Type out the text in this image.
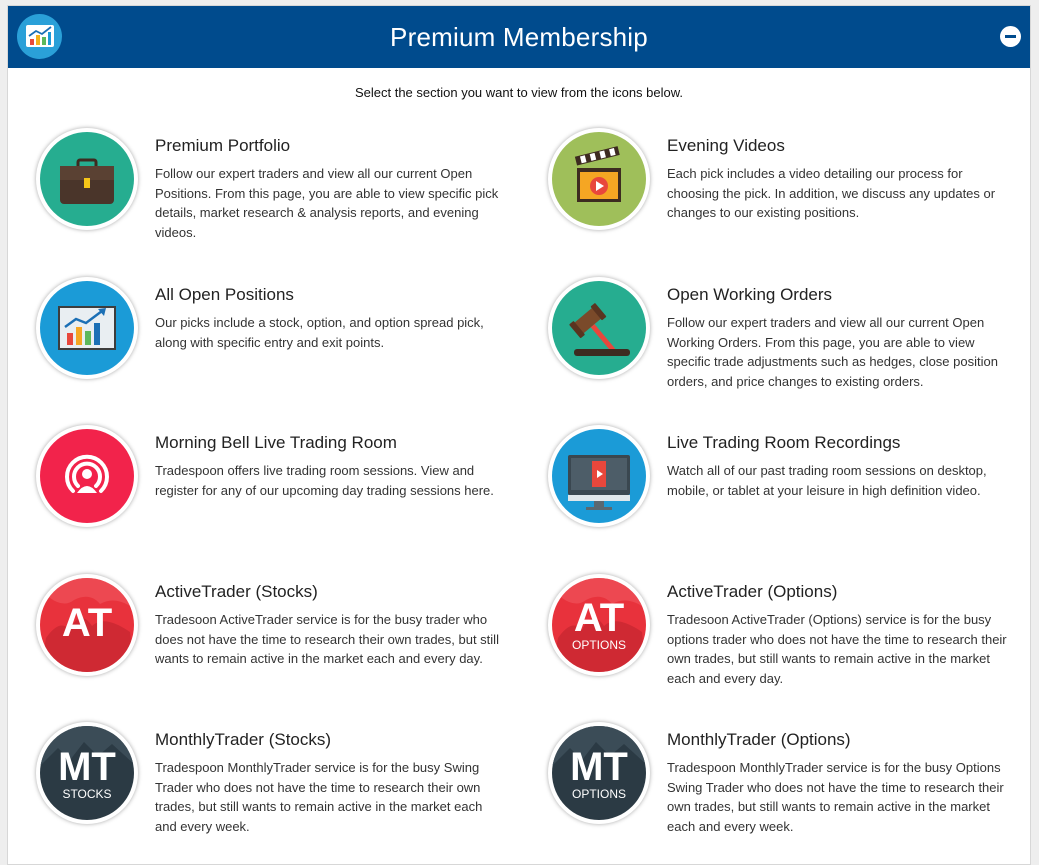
Premium Membership
Select the section you want to view from the icons below.
Premium Portfolio
Follow our expert traders and view all our current Open Positions. From this page, you are able to view specific pick details, market research & analysis reports, and evening videos.
Evening Videos
Each pick includes a video detailing our process for choosing the pick. In addition, we discuss any updates or changes to our existing positions.
All Open Positions
Our picks include a stock, option, and option spread pick, along with specific entry and exit points.
Open Working Orders
Follow our expert traders and view all our current Open Working Orders. From this page, you are able to view specific trade adjustments such as hedges, close position orders, and price changes to existing orders.
Morning Bell Live Trading Room
Tradespoon offers live trading room sessions. View and register for any of our upcoming day trading sessions here.
Live Trading Room Recordings
Watch all of our past trading room sessions on desktop, mobile, or tablet at your leisure in high definition video.
AT
ActiveTrader (Stocks)
Tradesoon ActiveTrader service is for the busy trader who does not have the time to research their own trades, but still wants to remain active in the market each and every day.
AT
OPTIONS
ActiveTrader (Options)
Tradesoon ActiveTrader (Options) service is for the busy options trader who does not have the time to research their own trades, but still wants to remain active in the market each and every day.
MT
STOCKS
MonthlyTrader (Stocks)
Tradespoon MonthlyTrader service is for the busy Swing Trader who does not have the time to research their own trades, but still wants to remain active in the market each and every week.
MT
OPTIONS
MonthlyTrader (Options)
Tradespoon MonthlyTrader service is for the busy Options Swing Trader who does not have the time to research their own trades, but still wants to remain active in the market each and every week.
